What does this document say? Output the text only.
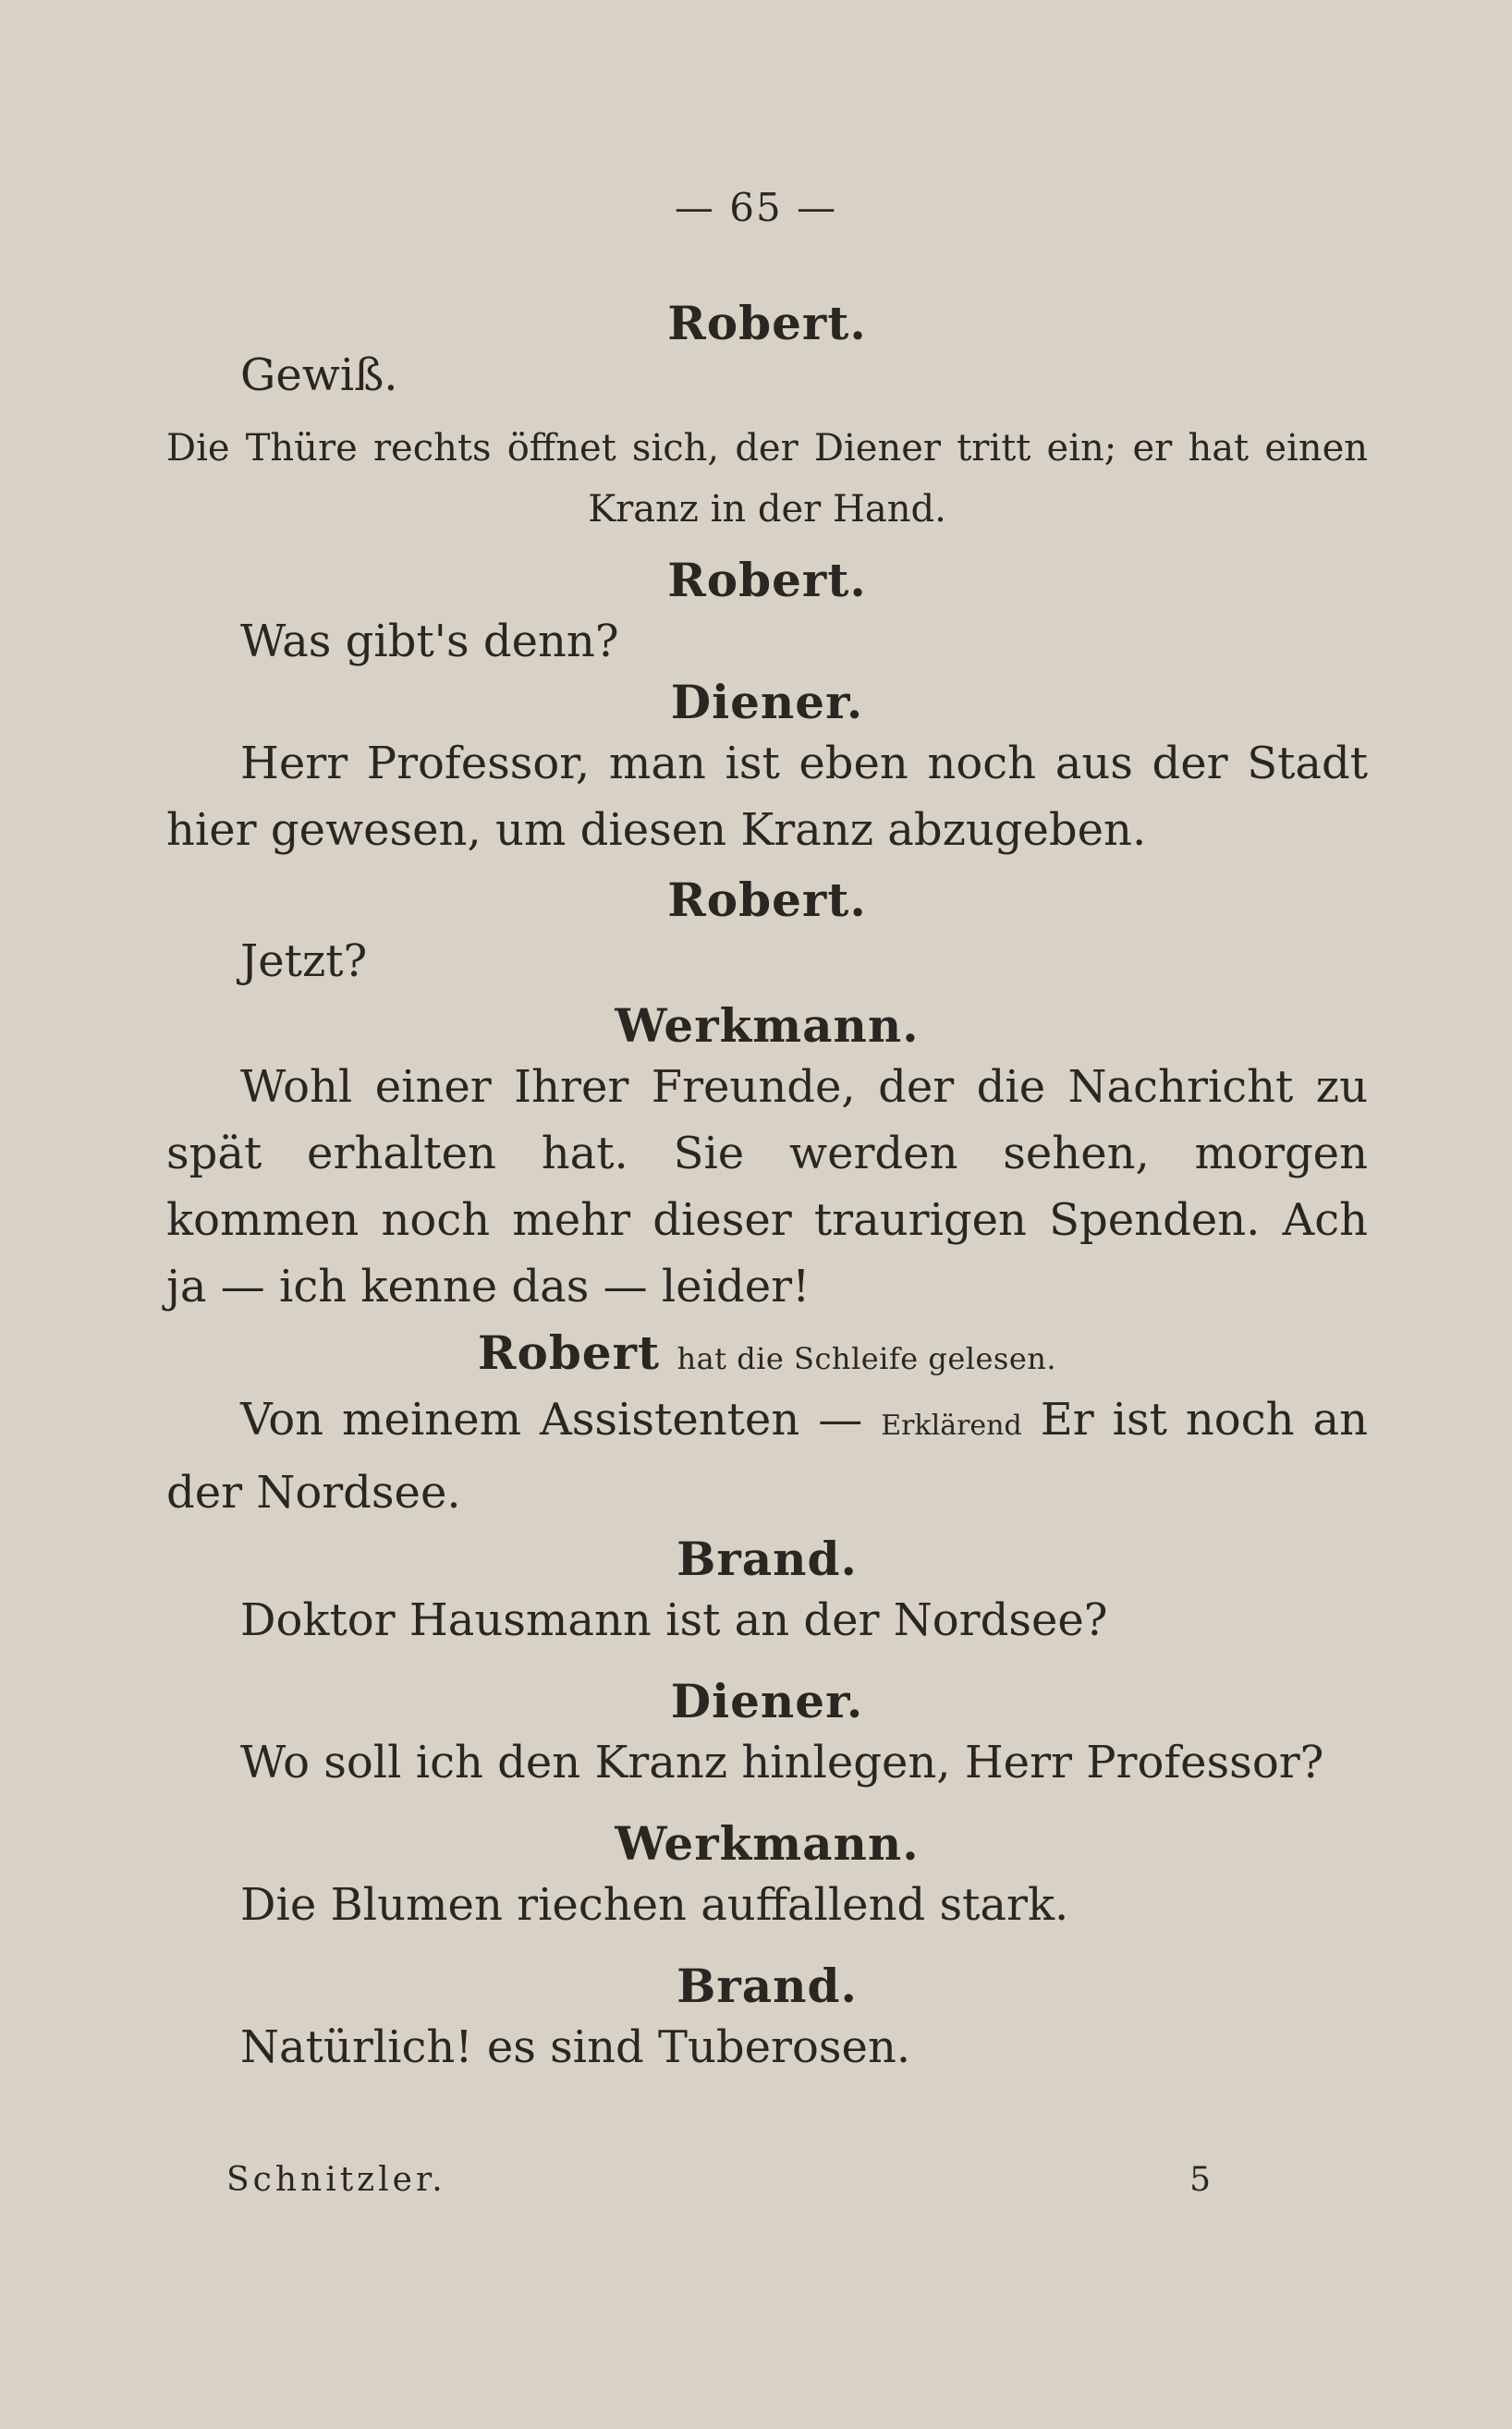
— 65 —

Robert.

Gewiß.

Die Thüre rechts öffnet sich, der Diener tritt ein; er hat einen

Kranz in der Hand.

Robert.

Was gibt's denn?

Diener.

Herr Professor, man ist eben noch aus der Stadt hier gewesen, um diesen Kranz abzugeben.

Robert.

Jetzt?

Werkmann.

Wohl einer Ihrer Freunde, der die Nachricht zu spät erhalten hat. Sie werden sehen, morgen kommen noch mehr dieser traurigen Spenden. Ach ja — ich kenne das — leider!

Robert hat die Schleife gelesen.

Von meinem Assistenten — Erklärend Er ist noch an der Nordsee.

Brand.

Doktor Hausmann ist an der Nordsee?

Diener.

Wo soll ich den Kranz hinlegen, Herr Professor?

Werkmann.

Die Blumen riechen auffallend stark.

Brand.

Natürlich! es sind Tuberosen.

Schnitzler.	5
